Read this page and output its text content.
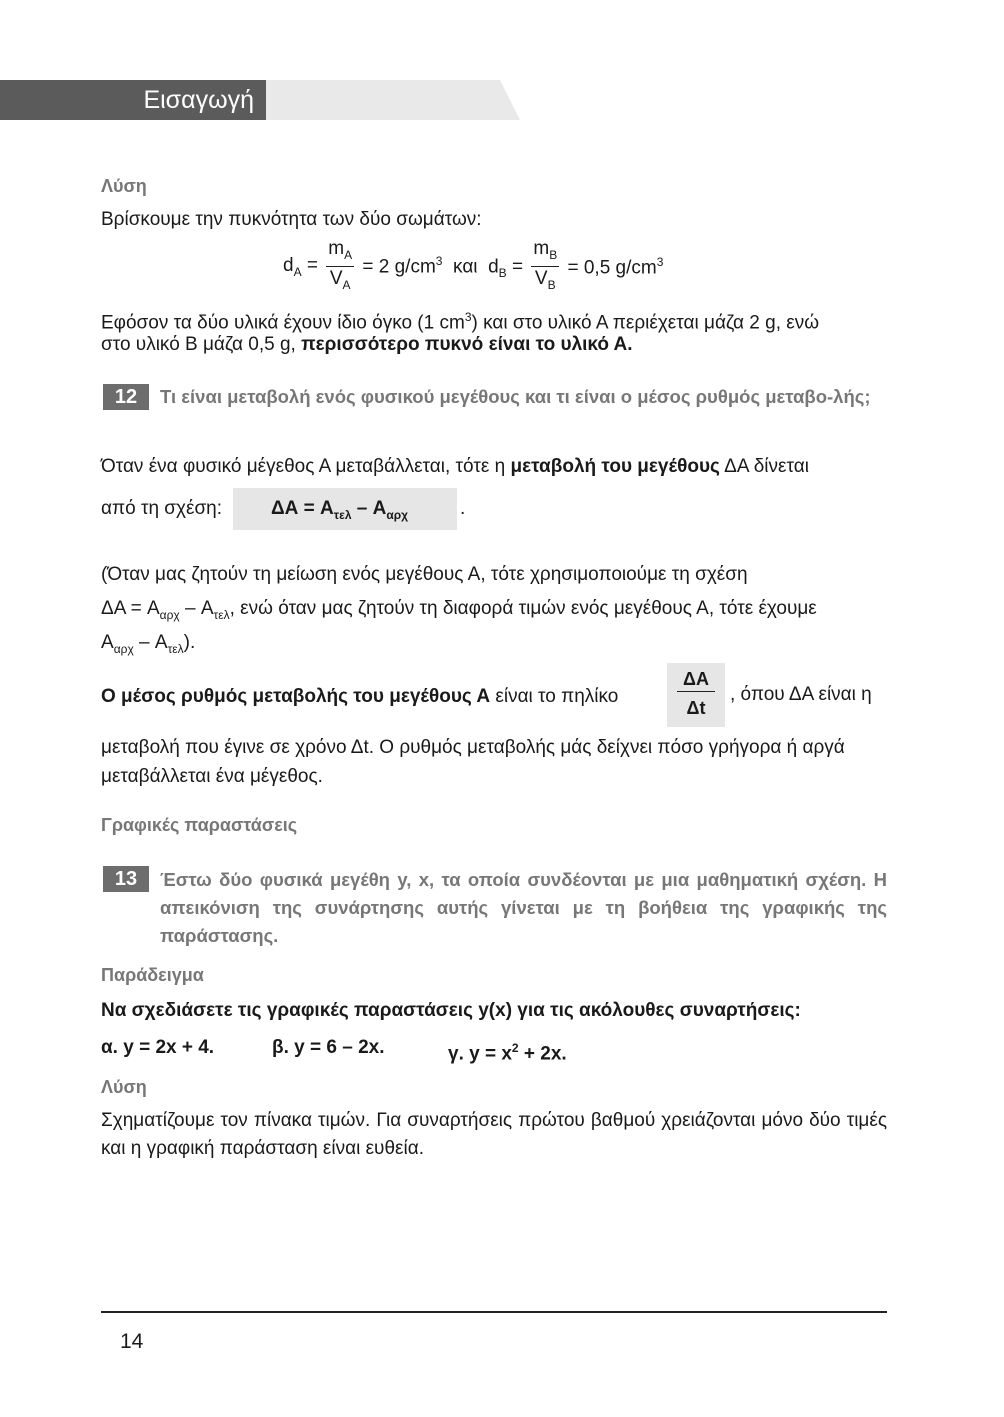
Εισαγωγή
Λύση
Βρίσκουμε την πυκνότητα των δύο σωμάτων:
$d_A = \frac{m_A}{V_A} = 2$ $g/cm^3$ και $d_B = \frac{m_B}{V_B} = 0,5$ $g/cm^3$
Εφόσον τα δύο υλικά έχουν ίδιο όγκο (1 $cm^3$) και στο υλικό Α περιέχεται μάζα 2 g, ενώ
στο υλικό Β μάζα 0,5 g, περισσότερο πυκνό είναι το υλικό Α.
12	Τι είναι μεταβολή ενός φυσικού μεγέθους και τι είναι ο μέσος ρυθμός μεταβο-λής;
Όταν ένα φυσικό μέγεθος Α μεταβάλλεται, τότε η μεταβολή του μεγέθους ΔΑ δίνεται
από τη σχέση:	$\Delta A = A_{\tau\varepsilon\lambda} - A_{\alpha\rho\chi}$	.
(Όταν μας ζητούν τη μείωση ενός μεγέθους Α, τότε χρησιμοποιούμε τη σχέση
$\Delta A = A_{\alpha\rho\chi} - A_{\tau\varepsilon\lambda}$, ενώ όταν μας ζητούν τη διαφορά τιμών ενός μεγέθους Α, τότε έχουμε
$A_{\alpha\rho\chi} - A_{\tau\varepsilon\lambda}$).
Ο μέσος ρυθμός μεταβολής του μεγέθους Α είναι το πηλίκο	$\frac{\Delta A}{\Delta t}$ , όπου ΔΑ είναι η
μεταβολή που έγινε σε χρόνο Δt. Ο ρυθμός μεταβολής μάς δείχνει πόσο γρήγορα ή αργά
μεταβάλλεται ένα μέγεθος.
Γραφικές παραστάσεις
13	Έστω δύο φυσικά μεγέθη y, x, τα οποία συνδέονται με μια μαθηματική σχέση. Η απεικόνιση της συνάρτησης αυτής γίνεται με τη βοήθεια της γραφικής της παράστασης.
Παράδειγμα
Να σχεδιάσετε τις γραφικές παραστάσεις y(x) για τις ακόλουθες συναρτήσεις:
α. y = 2x + 4.	β. y = 6 – 2x.	γ. $y = x^2 + 2x$.
Λύση
Σχηματίζουμε τον πίνακα τιμών. Για συναρτήσεις πρώτου βαθμού χρειάζονται μόνο δύο τιμές και η γραφική παράσταση είναι ευθεία.
14
